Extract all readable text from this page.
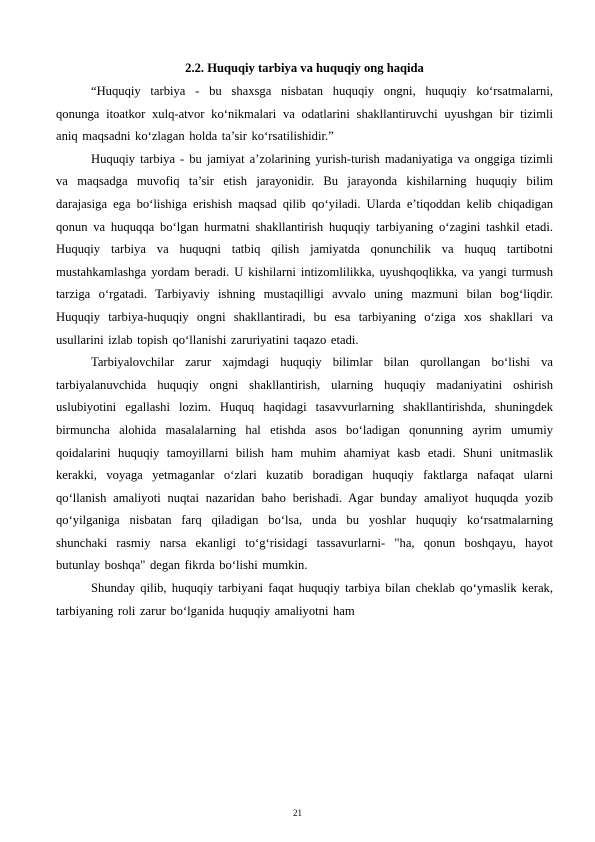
2.2. Huquqiy tarbiya va huquqiy ong haqida

“Huquqiy tarbiya - bu shaxsga nisbatan huquqiy ongni, huquqiy ko‘rsatmalarni, qonunga itoatkor xulq-atvor ko‘nikmalari va odatlarini shakllantiruvchi uyushgan bir tizimli aniq maqsadni ko‘zlagan holda ta’sir ko‘rsatilishidir.”

Huquqiy tarbiya - bu jamiyat a’zolarining yurish-turish madaniyatiga va onggiga tizimli va maqsadga muvofiq ta’sir etish jarayonidir. Bu jarayonda kishilarning huquqiy bilim darajasiga ega bo‘lishiga erishish maqsad qilib qo‘yiladi. Ularda e’tiqoddan kelib chiqadigan qonun va huquqqa bo‘lgan hurmatni shakllantirish huquqiy tarbiyaning o‘zagini tashkil etadi. Huquqiy tarbiya va huquqni tatbiq qilish jamiyatda qonunchilik va huquq tartibotni mustahkamlashga yordam beradi. U kishilarni intizomlilikka, uyushqoqlikka, va yangi turmush tarziga o‘rgatadi. Tarbiyaviy ishning mustaqilligi avvalo uning mazmuni bilan bog‘liqdir. Huquqiy tarbiya-huquqiy ongni shakllantiradi, bu esa tarbiyaning o‘ziga xos shakllari va usullarini izlab topish qo‘llanishi zaruriyatini taqazo etadi.

Tarbiyalovchilar zarur xajmdagi huquqiy bilimlar bilan qurollangan bo‘lishi va tarbiyalanuvchida huquqiy ongni shakllantirish, ularning huquqiy madaniyatini oshirish uslubiyotini egallashi lozim. Huquq haqidagi tasavvurlarning shakllantirishda, shuningdek birmuncha alohida masalalarning hal etishda asos bo‘ladigan qonunning ayrim umumiy qoidalarini huquqiy tamoyillarni bilish ham muhim ahamiyat kasb etadi. Shuni unitmaslik kerakki, voyaga yetmaganlar o‘zlari kuzatib boradigan huquqiy faktlarga nafaqat ularni qo‘llanish amaliyoti nuqtai nazaridan baho berishadi. Agar bunday amaliyot huquqda yozib qo‘yilganiga nisbatan farq qiladigan bo‘lsa, unda bu yoshlar huquqiy ko‘rsatmalarning shunchaki rasmiy narsa ekanligi to‘g‘risidagi tassavurlarni- "ha, qonun boshqayu, hayot butunlay boshqa" degan fikrda bo‘lishi mumkin.

Shunday qilib, huquqiy tarbiyani faqat huquqiy tarbiya bilan cheklab qo‘ymaslik kerak, tarbiyaning roli zarur bo‘lganida huquqiy amaliyotni ham

21
